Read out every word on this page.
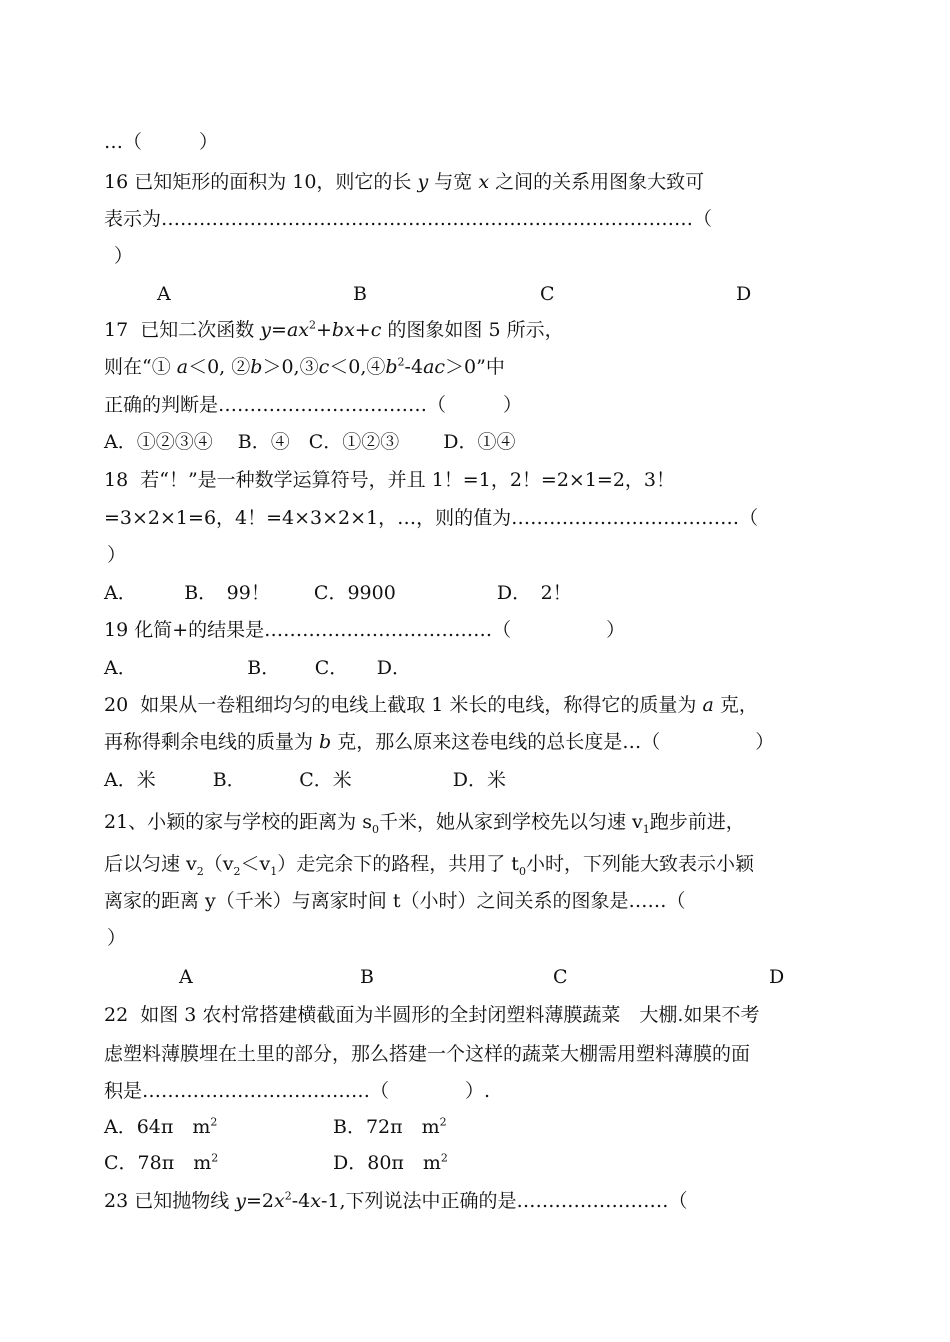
…（　　　）
16 已知矩形的面积为 10，则它的长 y 与宽 x 之间的关系用图象大致可
表示为…………………………………………………………………………（
）
A	B	C	D
17  已知二次函数 $y=ax^2+bx+c$ 的图象如图 5 所示，
则在“① a＜0, $②b>0,③c<0,④b^2-4ac>0$”中
正确的判断是……………………………（　　　）
A．①②③④　 B．④　C．①②③　　 D．①④
18  若“！”是一种数学运算符号，并且 1！=1，2！=2×1=2，3！
=3×2×1=6，4！=4×3×2×1，…，则的值为………………………………（
）
A．　　　B．　99！　　 C．9900　　　　　 D．　2！
19 化简+的结果是………………………………（　　　　　）
A．　　　　　　 B．　　 C．　　D．
20  如果从一卷粗细均匀的电线上截取 1 米长的电线，称得它的质量为 a 克，
再称得剩余电线的质量为 b 克，那么原来这卷电线的总长度是…（　　　　　）
A．米　　　B．　　　 C．米　　　　　 D．米
21、小颖的家与学校的距离为 $s_0$千米，她从家到学校先以匀速 $v_1$跑步前进，
后以匀速 $v_2(v_2<v_1)$走完余下的路程，共用了 $t_0$小时，下列能大致表示小颖
离家的距离 y（千米）与离家时间 t（小时）之间关系的图象是……（
）
A	B	C	D
22  如图 3 农村常搭建横截面为半圆形的全封闭塑料薄膜蔬菜　大棚.如果不考
虑塑料薄膜埋在土里的部分，那么搭建一个这样的蔬菜大棚需用塑料薄膜的面
积是………………………………（　　　　）.
A．64π　$m^2$	B．72π　$m^2$
C．78π　$m^2$	D．80π　$m^2$
23 已知抛物线 $y=2x^2-4x-1$,下列说法中正确的是……………………（
